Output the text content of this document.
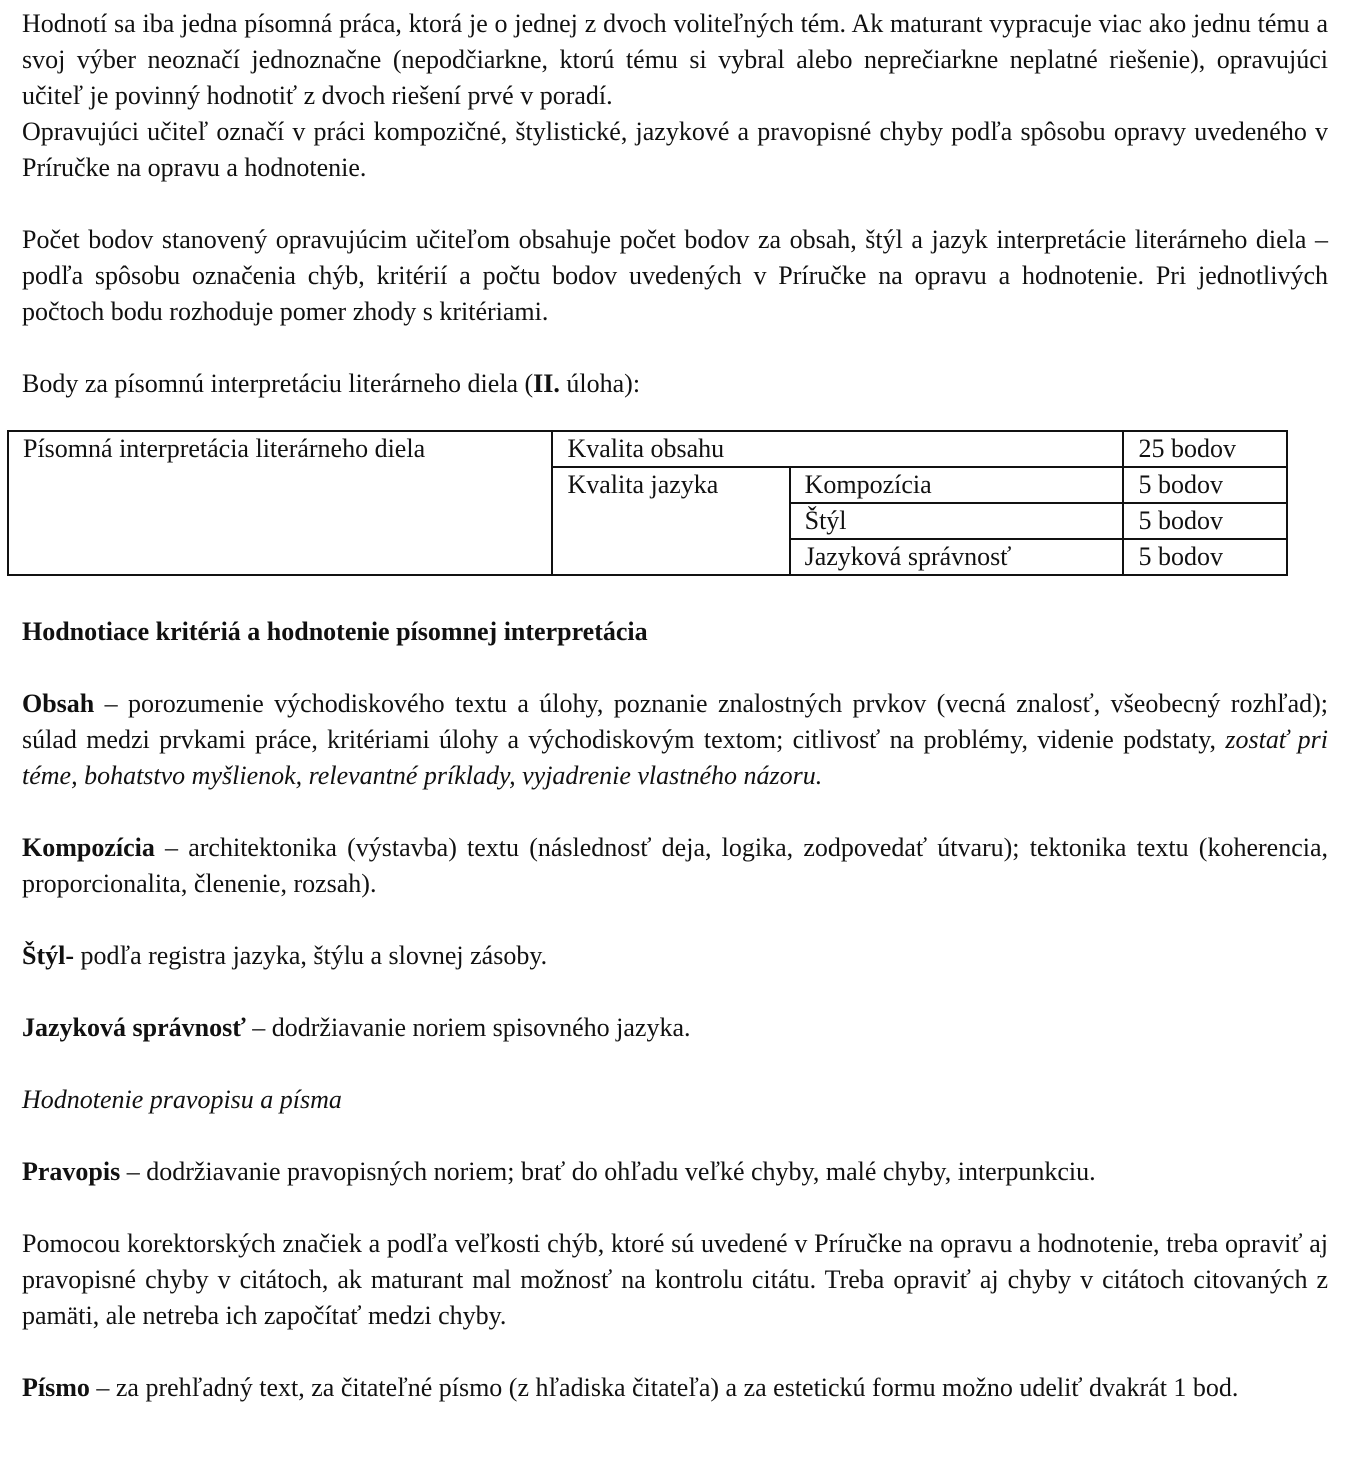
Hodnotí sa iba jedna písomná práca, ktorá je o jednej z dvoch voliteľných tém. Ak maturant vypracuje viac ako jednu tému a svoj výber neoznačí jednoznačne (nepodčiarkne, ktorú tému si vybral alebo neprečiarkne neplatné riešenie), opravujúci učiteľ je povinný hodnotiť z dvoch riešení prvé v poradí.

Opravujúci učiteľ označí v práci kompozičné, štylistické, jazykové a pravopisné chyby podľa spôsobu opravy uvedeného v Príručke na opravu a hodnotenie.

Počet bodov stanovený opravujúcim učiteľom obsahuje počet bodov za obsah, štýl a jazyk interpretácie literárneho diela – podľa spôsobu označenia chýb, kritérií a počtu bodov uvedených v Príručke na opravu a hodnotenie. Pri jednotlivých počtoch bodu rozhoduje pomer zhody s kritériami.

Body za písomnú interpretáciu literárneho diela (II. úloha):

Písomná interpretácia literárneho diela	Kvalita obsahu		25 bodov
	Kvalita jazyka	Kompozícia	5 bodov
		Štýl	5 bodov
		Jazyková správnosť	5 bodov

Hodnotiace kritériá a hodnotenie písomnej interpretácia

Obsah – porozumenie východiskového textu a úlohy, poznanie znalostných prvkov (vecná znalosť, všeobecný rozhľad); súlad medzi prvkami práce, kritériami úlohy a východiskovým textom; citlivosť na problémy, videnie podstaty, zostať pri téme, bohatstvo myšlienok, relevantné príklady, vyjadrenie vlastného názoru.

Kompozícia – architektonika (výstavba) textu (následnosť deja, logika, zodpovedať útvaru); tektonika textu (koherencia, proporcionalita, členenie, rozsah).

Štýl- podľa registra jazyka, štýlu a slovnej zásoby.

Jazyková správnosť – dodržiavanie noriem spisovného jazyka.

Hodnotenie pravopisu a písma

Pravopis – dodržiavanie pravopisných noriem; brať do ohľadu veľké chyby, malé chyby, interpunkciu.

Pomocou korektorských značiek a podľa veľkosti chýb, ktoré sú uvedené v Príručke na opravu a hodnotenie, treba opraviť aj pravopisné chyby v citátoch, ak maturant mal možnosť na kontrolu citátu. Treba opraviť aj chyby v citátoch citovaných z pamäti, ale netreba ich započítať medzi chyby.

Písmo – za prehľadný text, za čitateľné písmo (z hľadiska čitateľa) a za estetickú formu možno udeliť dvakrát 1 bod.
